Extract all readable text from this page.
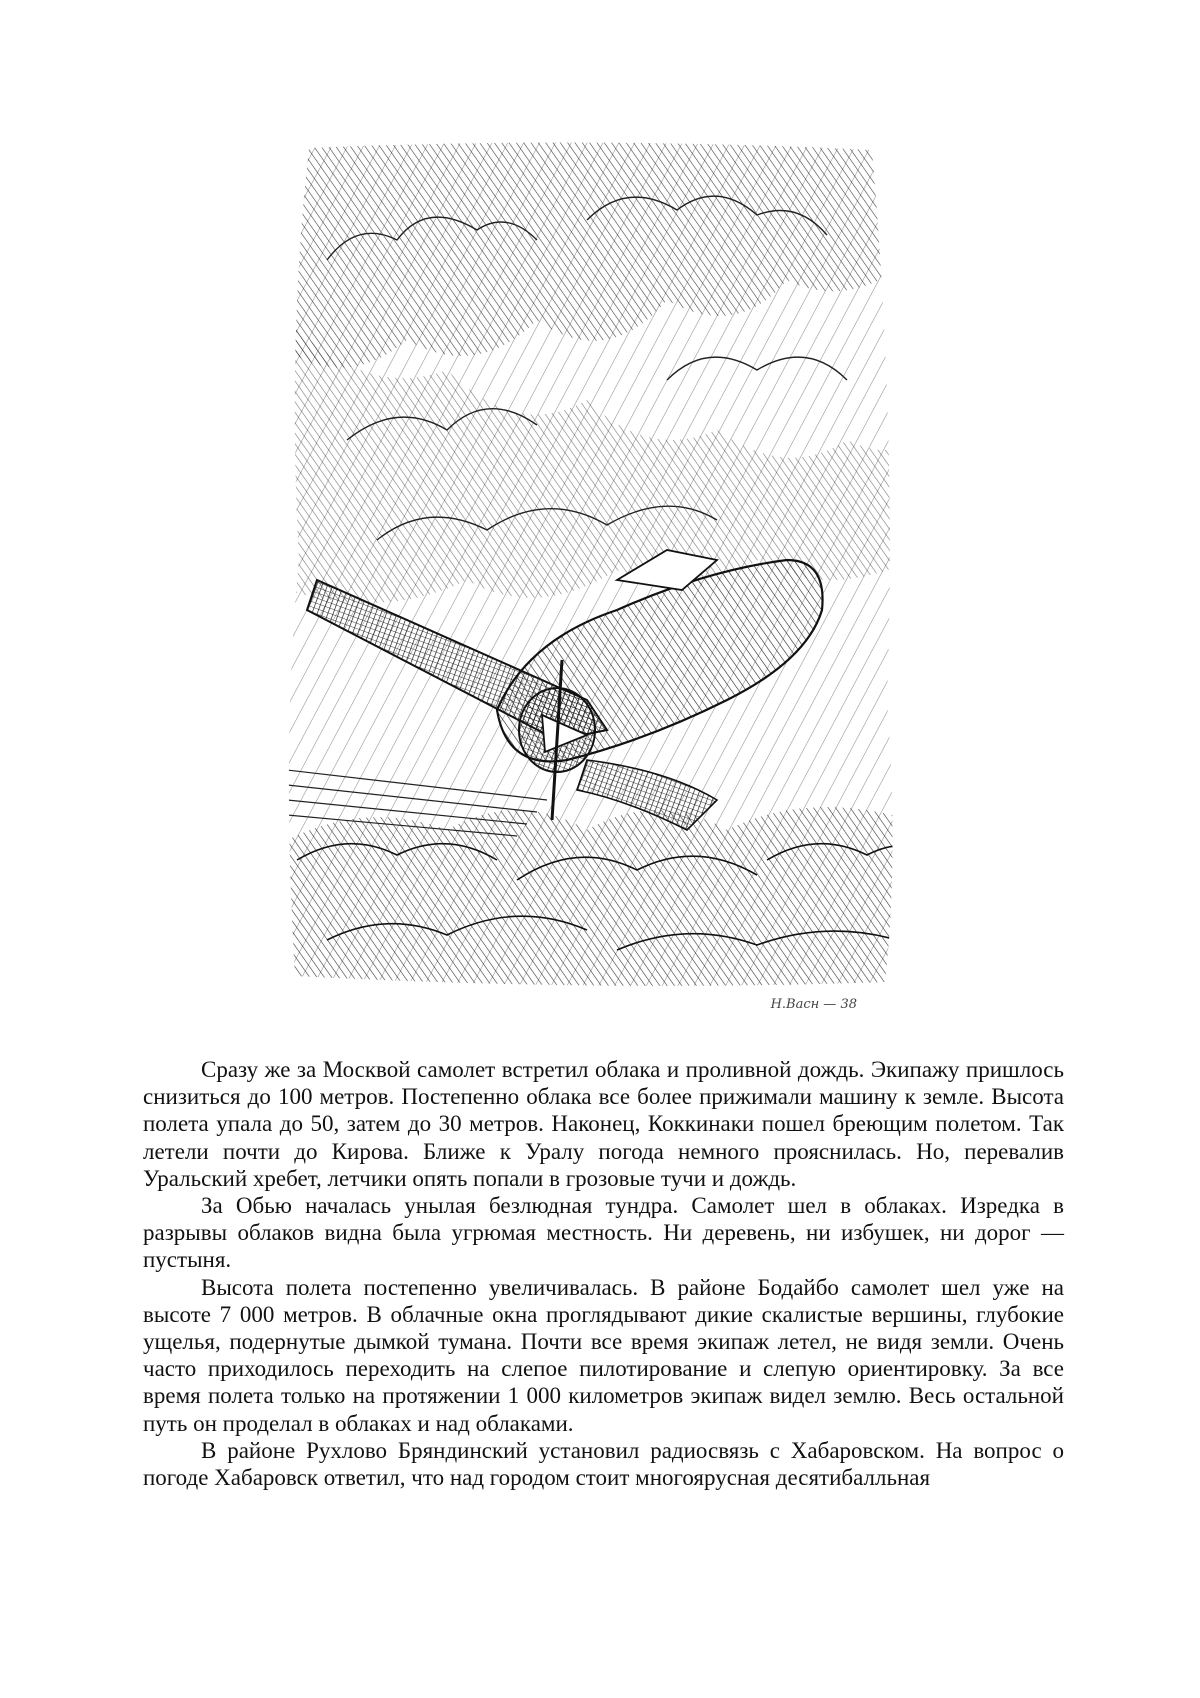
Н.Васн — 38

Сразу же за Москвой самолет встретил облака и проливной дождь. Экипажу пришлось снизиться до 100 метров. Постепенно облака все более прижимали машину к земле. Высота полета упала до 50, затем до 30 метров. Наконец, Коккинаки пошел бреющим полетом. Так летели почти до Кирова. Ближе к Уралу погода немного прояснилась. Но, перевалив Уральский хребет, летчики опять попали в грозовые тучи и дождь.

За Обью началась унылая безлюдная тундра. Самолет шел в облаках. Изредка в разрывы облаков видна была угрюмая местность. Ни деревень, ни избушек, ни дорог — пустыня.

Высота полета постепенно увеличивалась. В районе Бодайбо самолет шел уже на высоте 7 000 метров. В облачные окна проглядывают дикие скалистые вершины, глубокие ущелья, подернутые дымкой тумана. Почти все время экипаж летел, не видя земли. Очень часто приходилось переходить на слепое пилотирование и слепую ориентировку. За все время полета только на протяжении 1 000 километров экипаж видел землю. Весь остальной путь он проделал в облаках и над облаками.

В районе Рухлово Бряндинский установил радиосвязь с Хабаровском. На вопрос о погоде Хабаровск ответил, что над городом стоит многоярусная десятибалльная
